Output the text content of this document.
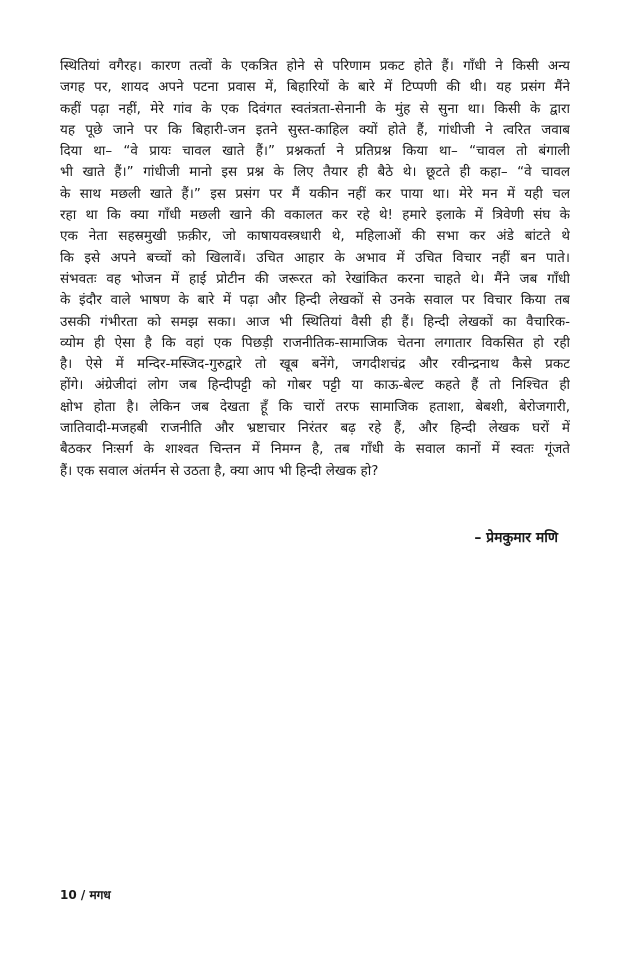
स्थितियां वगैरह। कारण तत्वों के एकत्रित होने से परिणाम प्रकट होते हैं। गाँधी ने किसी अन्य
जगह पर, शायद अपने पटना प्रवास में, बिहारियों के बारे में टिप्पणी की थी। यह प्रसंग मैंने
कहीं पढ़ा नहीं, मेरे गांव के एक दिवंगत स्वतंत्रता-सेनानी के मुंह से सुना था। किसी के द्वारा
यह पूछे जाने पर कि बिहारी-जन इतने सुस्त-काहिल क्यों होते हैं, गांधीजी ने त्वरित जवाब
दिया था– “वे प्रायः चावल खाते हैं।” प्रश्नकर्ता ने प्रतिप्रश्न किया था– “चावल तो बंगाली
भी खाते हैं।” गांधीजी मानो इस प्रश्न के लिए तैयार ही बैठे थे। छूटते ही कहा– “वे चावल
के साथ मछली खाते हैं।” इस प्रसंग पर मैं यकीन नहीं कर पाया था। मेरे मन में यही चल
रहा था कि क्या गाँधी मछली खाने की वकालत कर रहे थे! हमारे इलाके में त्रिवेणी संघ के
एक नेता सहस्रमुखी फ़क़ीर, जो काषायवस्त्रधारी थे, महिलाओं की सभा कर अंडे बांटते थे
कि इसे अपने बच्चों को खिलावें। उचित आहार के अभाव में उचित विचार नहीं बन पाते।
संभवतः वह भोजन में हाई प्रोटीन की जरूरत को रेखांकित करना चाहते थे। मैंने जब गाँधी
के इंदौर वाले भाषण के बारे में पढ़ा और हिन्दी लेखकों से उनके सवाल पर विचार किया तब
उसकी गंभीरता को समझ सका। आज भी स्थितियां वैसी ही हैं। हिन्दी लेखकों का वैचारिक-
व्योम ही ऐसा है कि वहां एक पिछड़ी राजनीतिक-सामाजिक चेतना लगातार विकसित हो रही
है। ऐसे में मन्दिर-मस्जिद-गुरुद्वारे तो खूब बनेंगे, जगदीशचंद्र और रवीन्द्रनाथ कैसे प्रकट
होंगे। अंग्रेजीदां लोग जब हिन्दीपट्टी को गोबर पट्टी या काऊ-बेल्ट कहते हैं तो निश्चित ही
क्षोभ होता है। लेकिन जब देखता हूँ कि चारों तरफ सामाजिक हताशा, बेबशी, बेरोजगारी,
जातिवादी-मजहबी राजनीति और भ्रष्टाचार निरंतर बढ़ रहे हैं, और हिन्दी लेखक घरों में
बैठकर निःसर्ग के शाश्वत चिन्तन में निमग्न है, तब गाँधी के सवाल कानों में स्वतः गूंजते
हैं। एक सवाल अंतर्मन से उठता है, क्या आप भी हिन्दी लेखक हो?
– प्रेमकुमार मणि
10 / मगध
